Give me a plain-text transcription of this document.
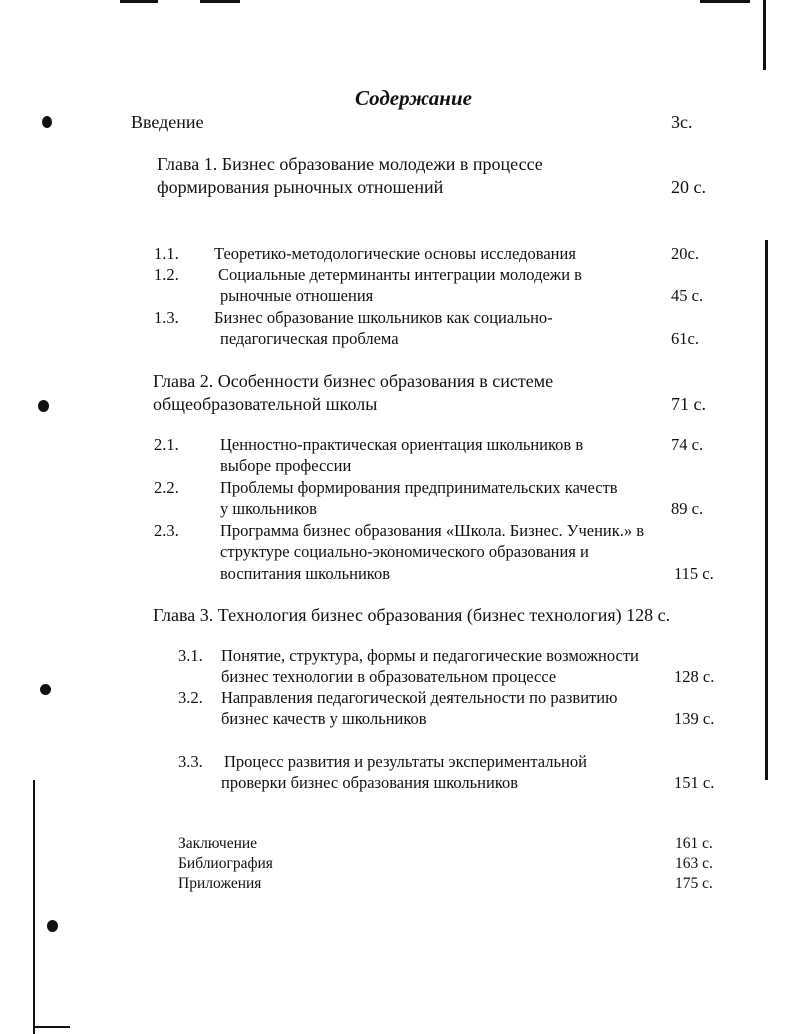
Содержание
Введение	3с.
Глава 1. Бизнес образование молодежи в процессе
формирования рыночных отношений	20 с.
1.1. Теоретико-методологические основы исследования	20с.
1.2. Социальные детерминанты интеграции молодежи в
рыночные отношения	45 с.
1.3. Бизнес образование школьников как социально-
педагогическая проблема	61с.
Глава 2. Особенности бизнес образования в системе
общеобразовательной школы	71 с.
2.1.	Ценностно-практическая ориентация школьников в	74 с.
выборе профессии
2.2.	Проблемы формирования предпринимательских качеств
у школьников	89 с.
2.3.	Программа бизнес образования «Школа. Бизнес. Ученик.» в
структуре социально-экономического образования и
воспитания школьников	115 с.
Глава 3. Технология бизнес образования (бизнес технология) 128 с.
3.1. Понятие, структура, формы и педагогические возможности
бизнес технологии в образовательном процессе	128 с.
3.2. Направления педагогической деятельности по развитию
бизнес качеств у школьников	139 с.
3.3. Процесс развития и результаты экспериментальной
проверки бизнес образования школьников	151 с.
Заключение	161 с.
Библиография	163 с.
Приложения	175 с.
